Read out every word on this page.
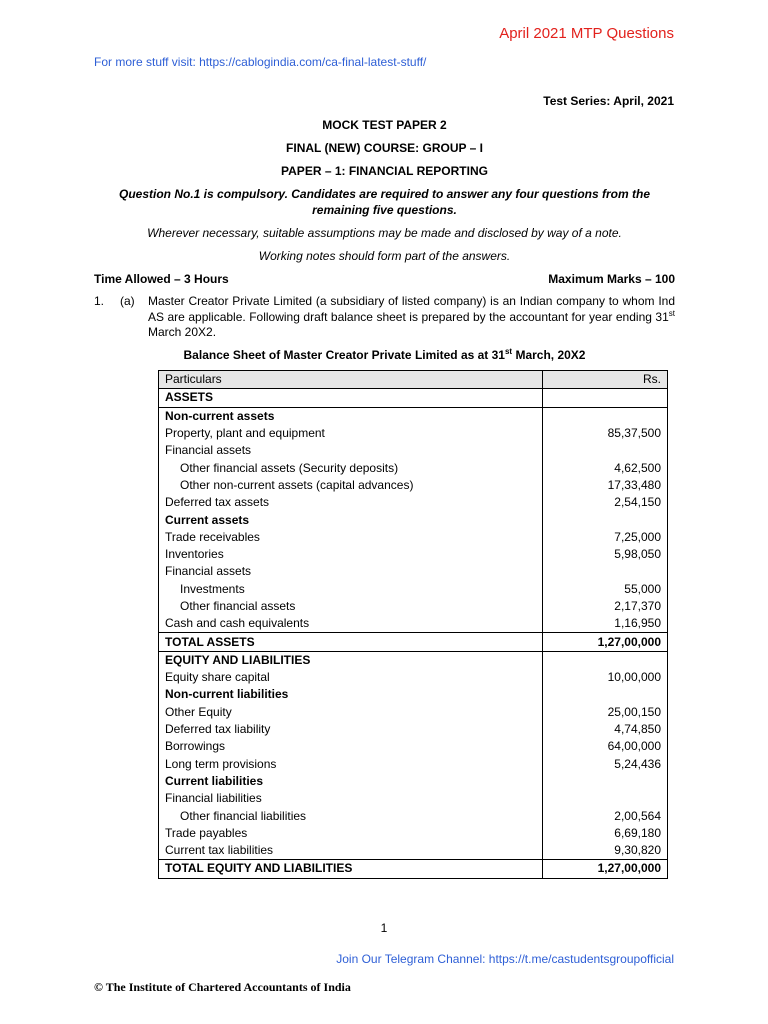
April 2021 MTP Questions
For more stuff visit: https://cablogindia.com/ca-final-latest-stuff/
Test Series: April, 2021
MOCK TEST PAPER 2
FINAL (NEW) COURSE: GROUP – I
PAPER – 1: FINANCIAL REPORTING
Question No.1 is compulsory. Candidates are required to answer any four questions from the
remaining five questions.
Wherever necessary, suitable assumptions may be made and disclosed by way of a note.
Working notes should form part of the answers.
Time Allowed – 3 Hours	Maximum Marks – 100
1. (a) Master Creator Private Limited (a subsidiary of listed company) is an Indian company to whom Ind AS are applicable. Following draft balance sheet is prepared by the accountant for year ending 31st March 20X2.
Balance Sheet of Master Creator Private Limited as at 31st March, 20X2
Particulars	Rs.
ASSETS	
Non-current assets	
Property, plant and equipment	85,37,500
Financial assets	
Other financial assets (Security deposits)	4,62,500
Other non-current assets (capital advances)	17,33,480
Deferred tax assets	2,54,150
Current assets	
Trade receivables	7,25,000
Inventories	5,98,050
Financial assets	
Investments	55,000
Other financial assets	2,17,370
Cash and cash equivalents	1,16,950
TOTAL ASSETS	1,27,00,000
EQUITY AND LIABILITIES	
Equity share capital	10,00,000
Non-current liabilities	
Other Equity	25,00,150
Deferred tax liability	4,74,850
Borrowings	64,00,000
Long term provisions	5,24,436
Current liabilities	
Financial liabilities	
Other financial liabilities	2,00,564
Trade payables	6,69,180
Current tax liabilities	9,30,820
TOTAL EQUITY AND LIABILITIES	1,27,00,000
1
Join Our Telegram Channel: https://t.me/castudentsgroupofficial
© The Institute of Chartered Accountants of India
